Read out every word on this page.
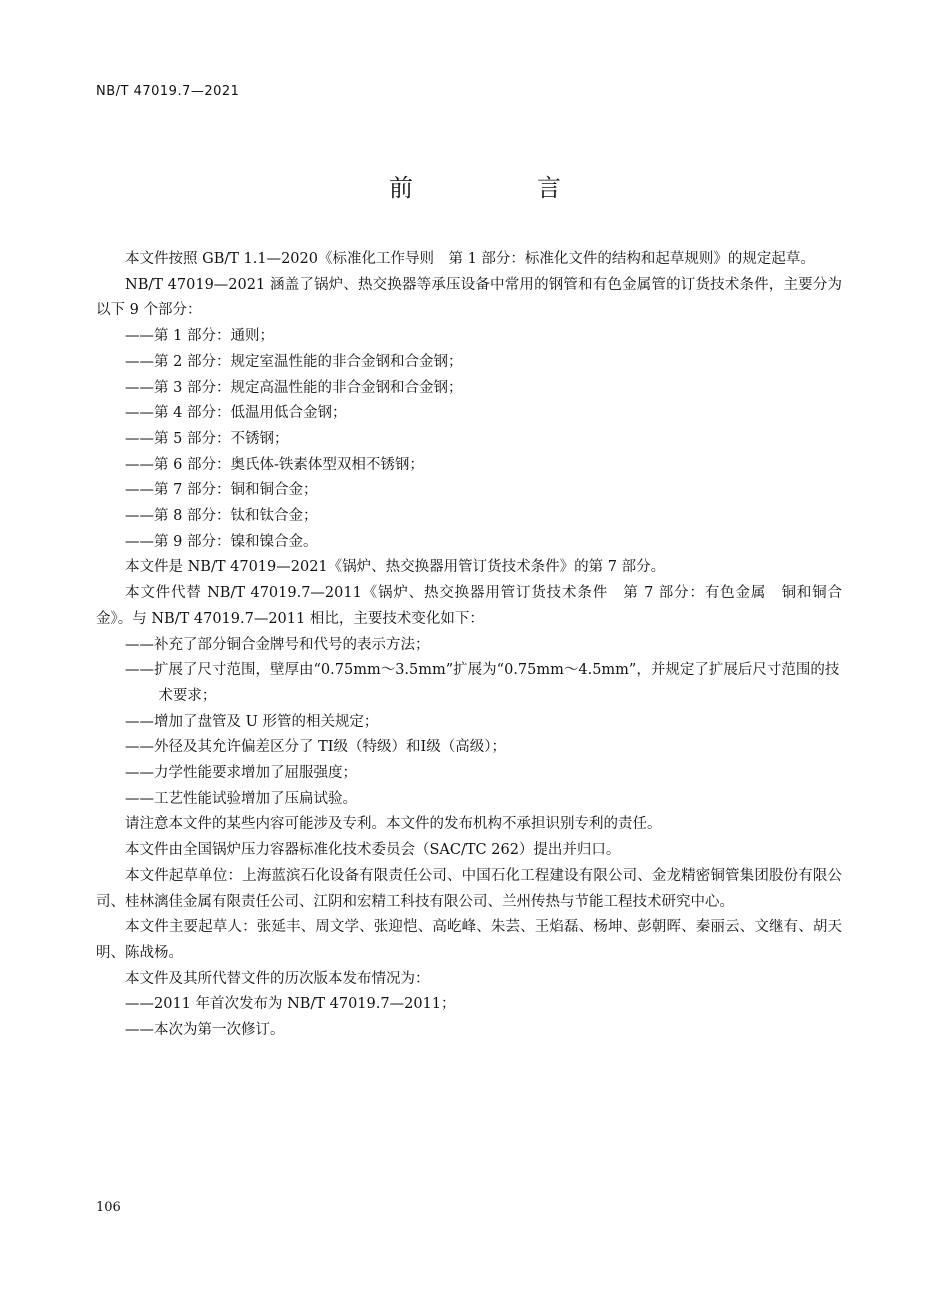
NB/T 47019.7—2021
前　言

本文件按照 GB/T 1.1—2020《标准化工作导则　第 1 部分：标准化文件的结构和起草规则》的规定起草。

NB/T 47019—2021 涵盖了锅炉、热交换器等承压设备中常用的钢管和有色金属管的订货技术条件，主要分为以下 9 个部分：

——第 1 部分：通则；

——第 2 部分：规定室温性能的非合金钢和合金钢；

——第 3 部分：规定高温性能的非合金钢和合金钢；

——第 4 部分：低温用低合金钢；

——第 5 部分：不锈钢；

——第 6 部分：奥氏体-铁素体型双相不锈钢；

——第 7 部分：铜和铜合金；

——第 8 部分：钛和钛合金；

——第 9 部分：镍和镍合金。

本文件是 NB/T 47019—2021《锅炉、热交换器用管订货技术条件》的第 7 部分。

本文件代替 NB/T 47019.7—2011《锅炉、热交换器用管订货技术条件　第 7 部分：有色金属　铜和铜合金》。与 NB/T 47019.7—2011 相比，主要技术变化如下：

——补充了部分铜合金牌号和代号的表示方法；

——扩展了尺寸范围，壁厚由“0.75mm～3.5mm”扩展为“0.75mm～4.5mm”，并规定了扩展后尺寸范围的技术要求；

——增加了盘管及 U 形管的相关规定；

——外径及其允许偏差区分了 TⅠ级（特级）和Ⅰ级（高级）；

——力学性能要求增加了屈服强度；

——工艺性能试验增加了压扁试验。

请注意本文件的某些内容可能涉及专利。本文件的发布机构不承担识别专利的责任。

本文件由全国锅炉压力容器标准化技术委员会（SAC/TC 262）提出并归口。

本文件起草单位：上海蓝滨石化设备有限责任公司、中国石化工程建设有限公司、金龙精密铜管集团股份有限公司、桂林漓佳金属有限责任公司、江阴和宏精工科技有限公司、兰州传热与节能工程技术研究中心。

本文件主要起草人：张延丰、周文学、张迎恺、高屹峰、朱芸、王焰磊、杨坤、彭朝晖、秦丽云、文继有、胡天明、陈战杨。

本文件及其所代替文件的历次版本发布情况为：

——2011 年首次发布为 NB/T 47019.7—2011；

——本次为第一次修订。

106
